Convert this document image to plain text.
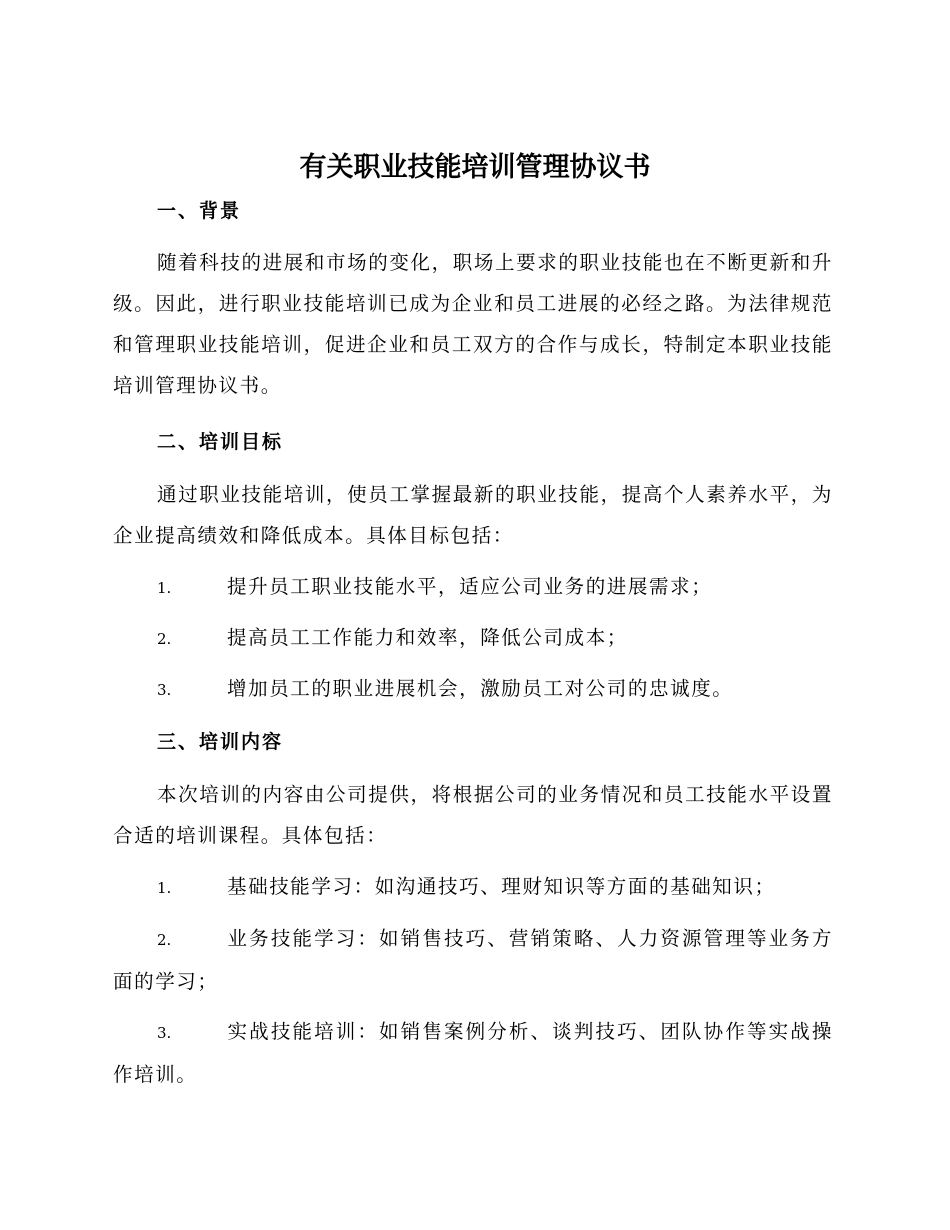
有关职业技能培训管理协议书
一、背景

随着科技的进展和市场的变化，职场上要求的职业技能也在不断更新和升级。因此，进行职业技能培训已成为企业和员工进展的必经之路。为法律规范和管理职业技能培训，促进企业和员工双方的合作与成长，特制定本职业技能培训管理协议书。

二、培训目标

通过职业技能培训，使员工掌握最新的职业技能，提高个人素养水平，为企业提高绩效和降低成本。具体目标包括：

1.	提升员工职业技能水平，适应公司业务的进展需求；

2.	提高员工工作能力和效率，降低公司成本；

3.	增加员工的职业进展机会，激励员工对公司的忠诚度。

三、培训内容

本次培训的内容由公司提供，将根据公司的业务情况和员工技能水平设置合适的培训课程。具体包括：

1.	基础技能学习：如沟通技巧、理财知识等方面的基础知识；

2.	业务技能学习：如销售技巧、营销策略、人力资源管理等业务方面的学习；

3.	实战技能培训：如销售案例分析、谈判技巧、团队协作等实战操作培训。
